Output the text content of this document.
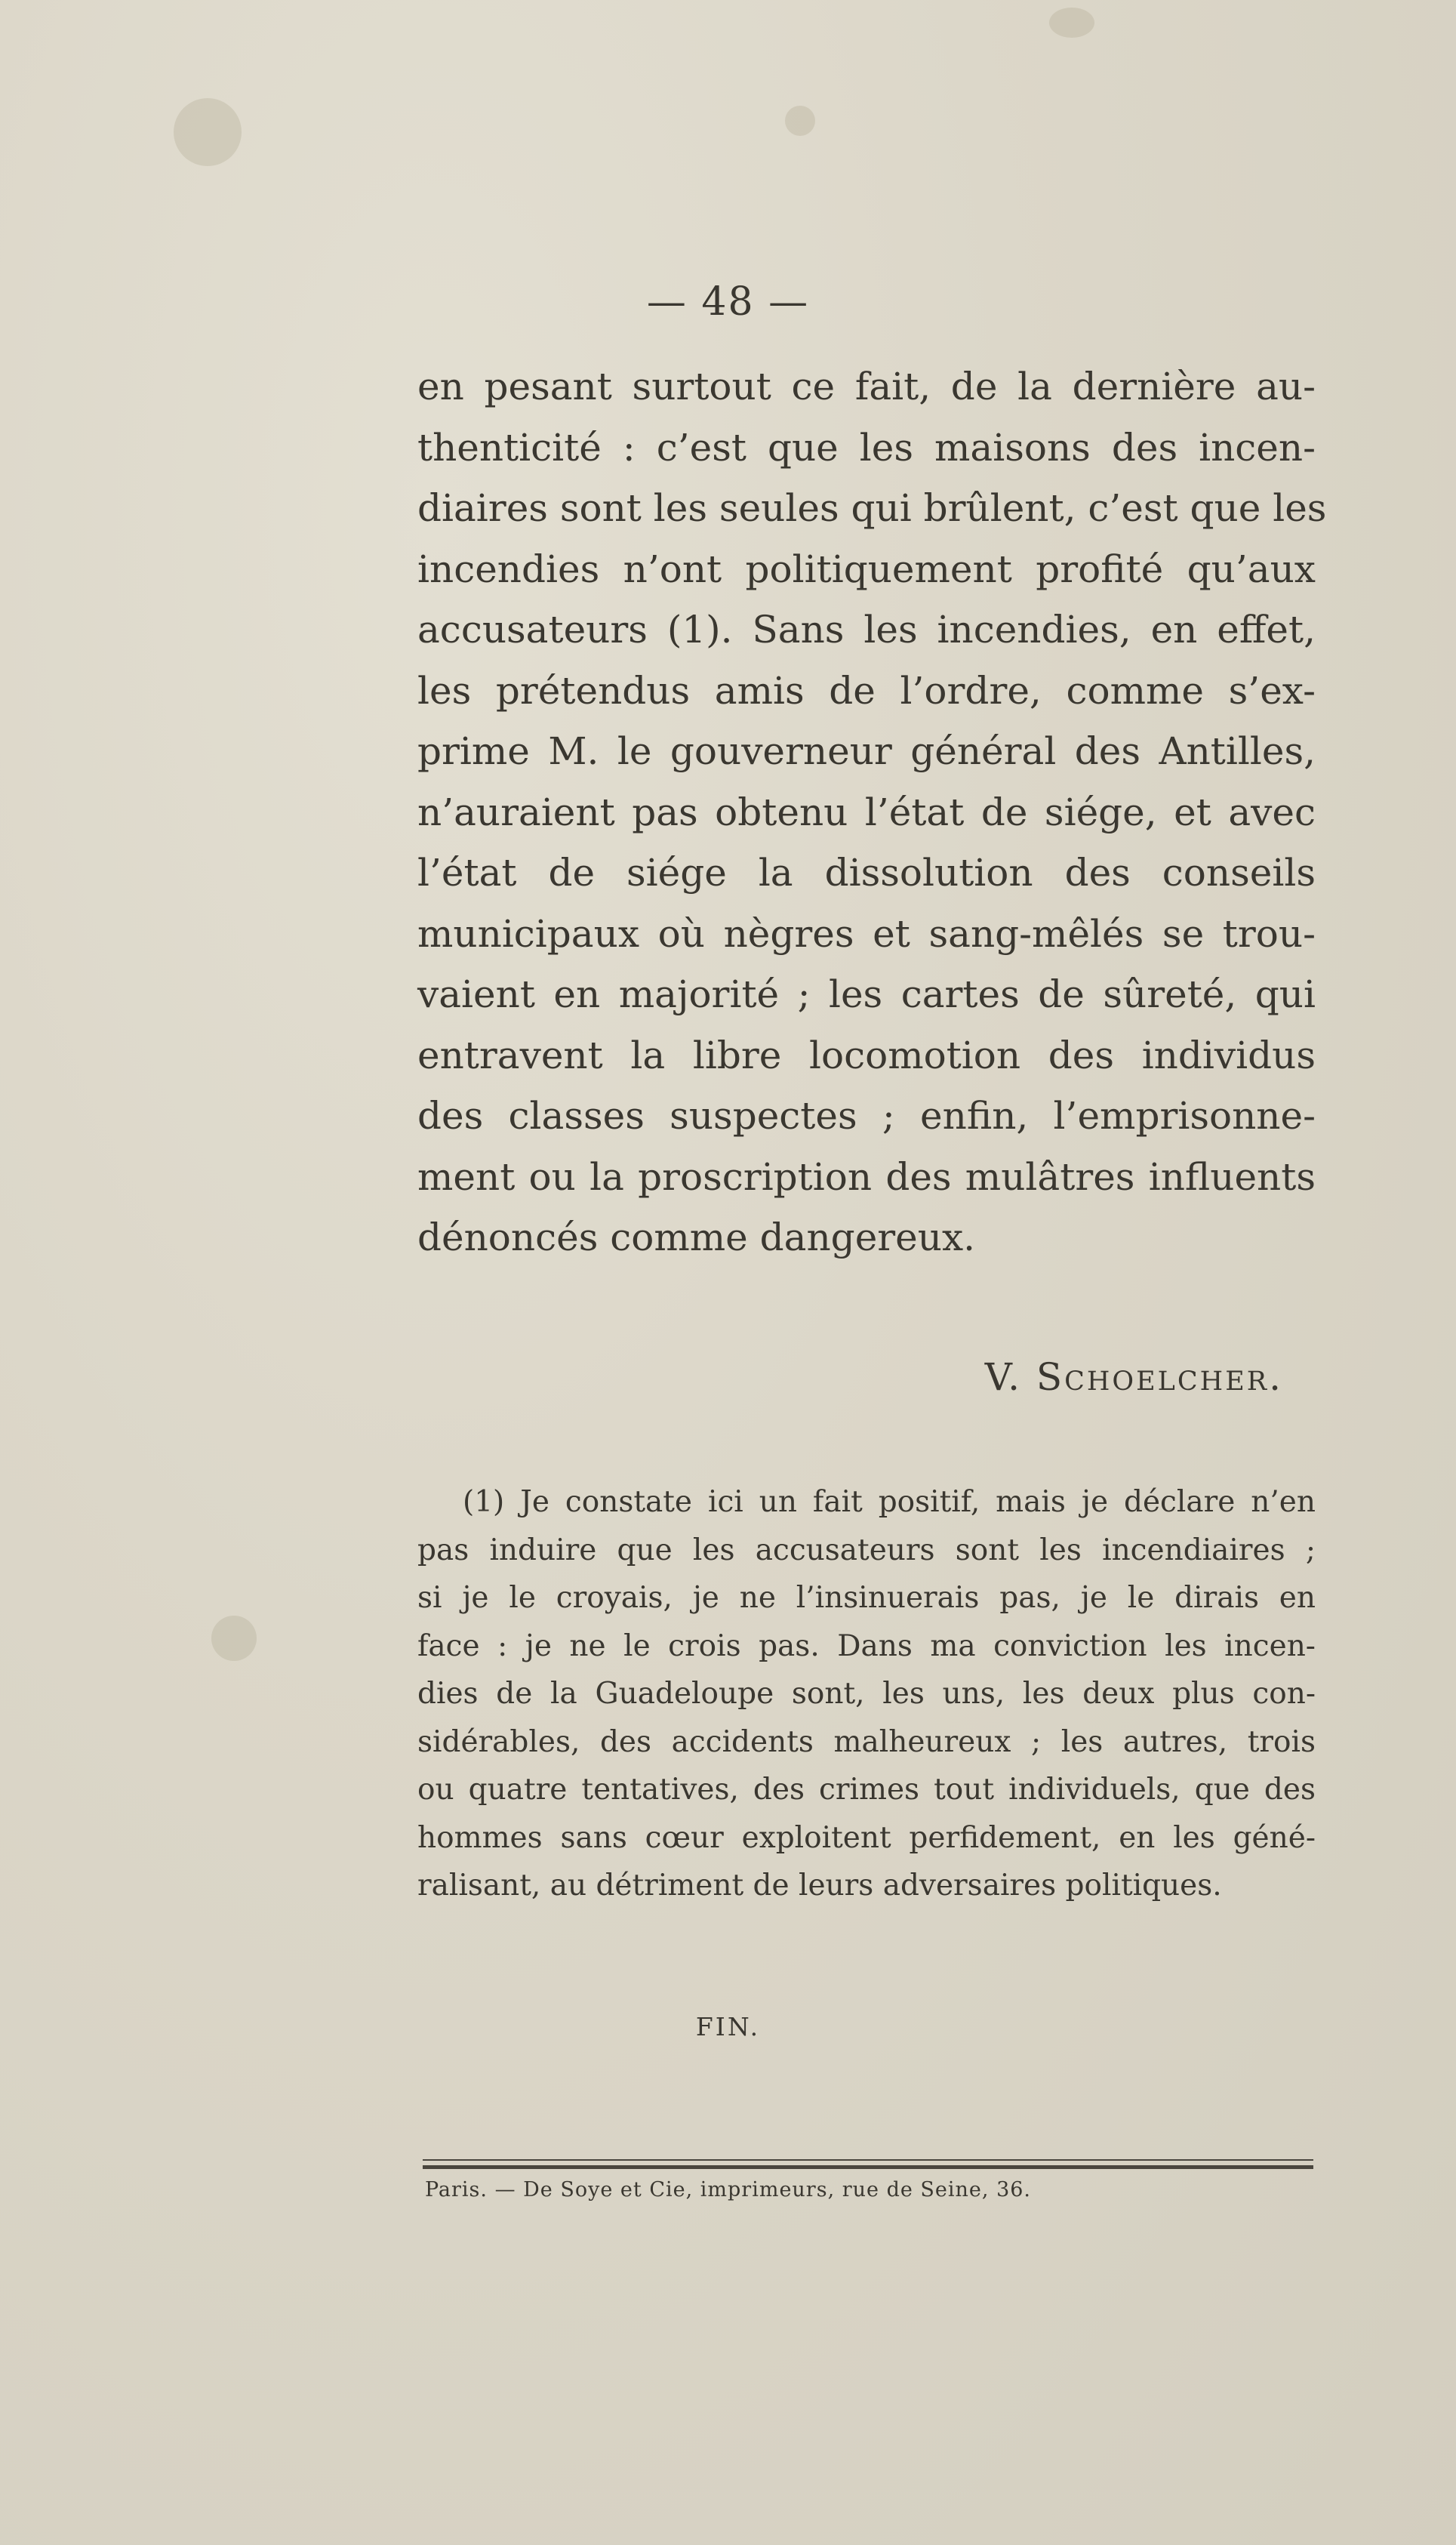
— 48 —
en pesant surtout ce fait, de la dernière au-
thenticité : c’est que les maisons des incen-
diaires sont les seules qui brûlent, c’est que les
incendies n’ont politiquement profité qu’aux
accusateurs (1). Sans les incendies, en effet,
les prétendus amis de l’ordre, comme s’ex-
prime M. le gouverneur général des Antilles,
n’auraient pas obtenu l’état de siége, et avec
l’état de siége la dissolution des conseils
municipaux où nègres et sang-mêlés se trou-
vaient en majorité ; les cartes de sûreté, qui
entravent la libre locomotion des individus
des classes suspectes ; enfin, l’emprisonne-
ment ou la proscription des mulâtres influents
dénoncés comme dangereux.
V. Schoelcher.
(1) Je constate ici un fait positif, mais je déclare n’en
pas induire que les accusateurs sont les incendiaires ;
si je le croyais, je ne l’insinuerais pas, je le dirais en
face : je ne le crois pas. Dans ma conviction les incen-
dies de la Guadeloupe sont, les uns, les deux plus con-
sidérables, des accidents malheureux ; les autres, trois
ou quatre tentatives, des crimes tout individuels, que des
hommes sans cœur exploitent perfidement, en les géné-
ralisant, au détriment de leurs adversaires politiques.
FIN.
Paris. — De Soye et Cie, imprimeurs, rue de Seine, 36.
